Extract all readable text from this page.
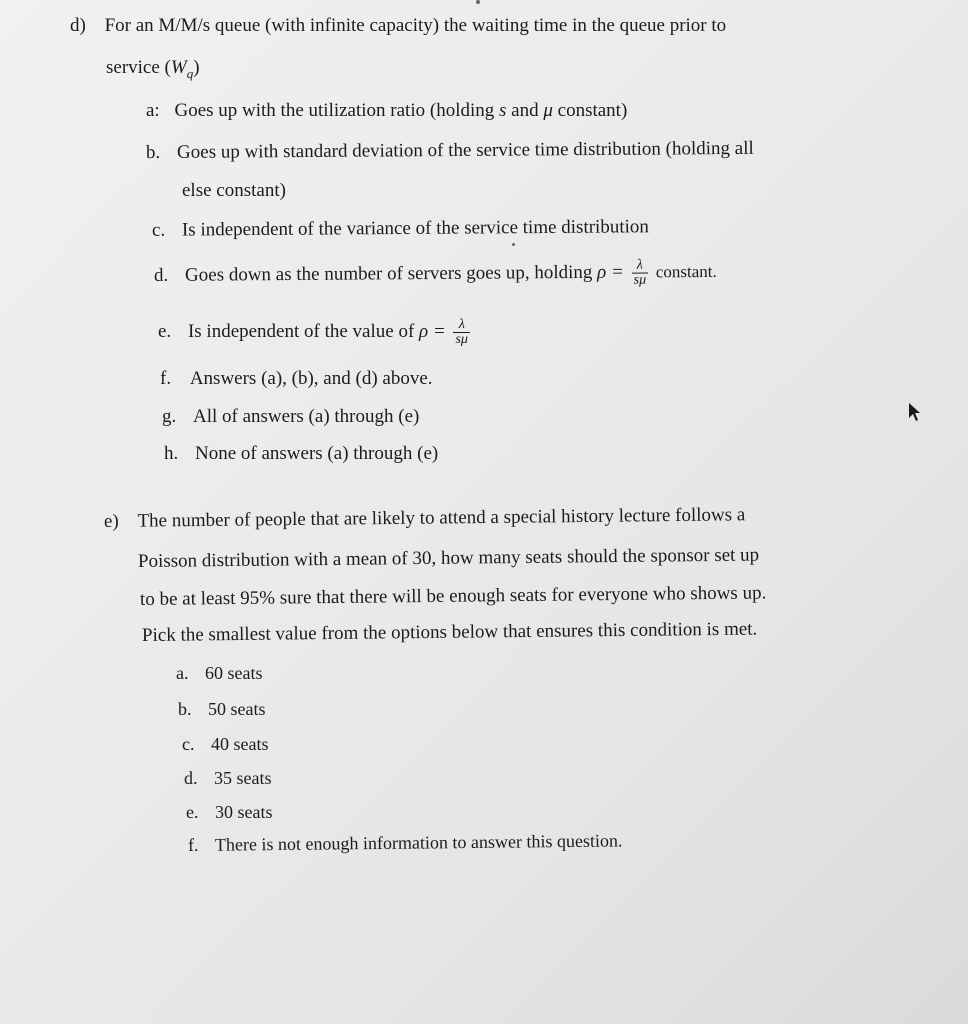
d) For an M/M/s queue (with infinite capacity) the waiting time in the queue prior to
service $(W_q)$
a: Goes up with the utilization ratio (holding s and μ constant)
b. Goes up with standard deviation of the service time distribution (holding all
else constant)
c. Is independent of the variance of the service time distribution
d. Goes down as the number of servers goes up, holding $\rho = \frac{\lambda}{s\mu}$ constant.
e. Is independent of the value of $\rho = \frac{\lambda}{s\mu}$
f. Answers (a), (b), and (d) above.
g. All of answers (a) through (e)
h. None of answers (a) through (e)
e) The number of people that are likely to attend a special history lecture follows a
Poisson distribution with a mean of 30, how many seats should the sponsor set up
to be at least 95% sure that there will be enough seats for everyone who shows up.
Pick the smallest value from the options below that ensures this condition is met.
a. 60 seats
b. 50 seats
c. 40 seats
d. 35 seats
e. 30 seats
f. There is not enough information to answer this question.
